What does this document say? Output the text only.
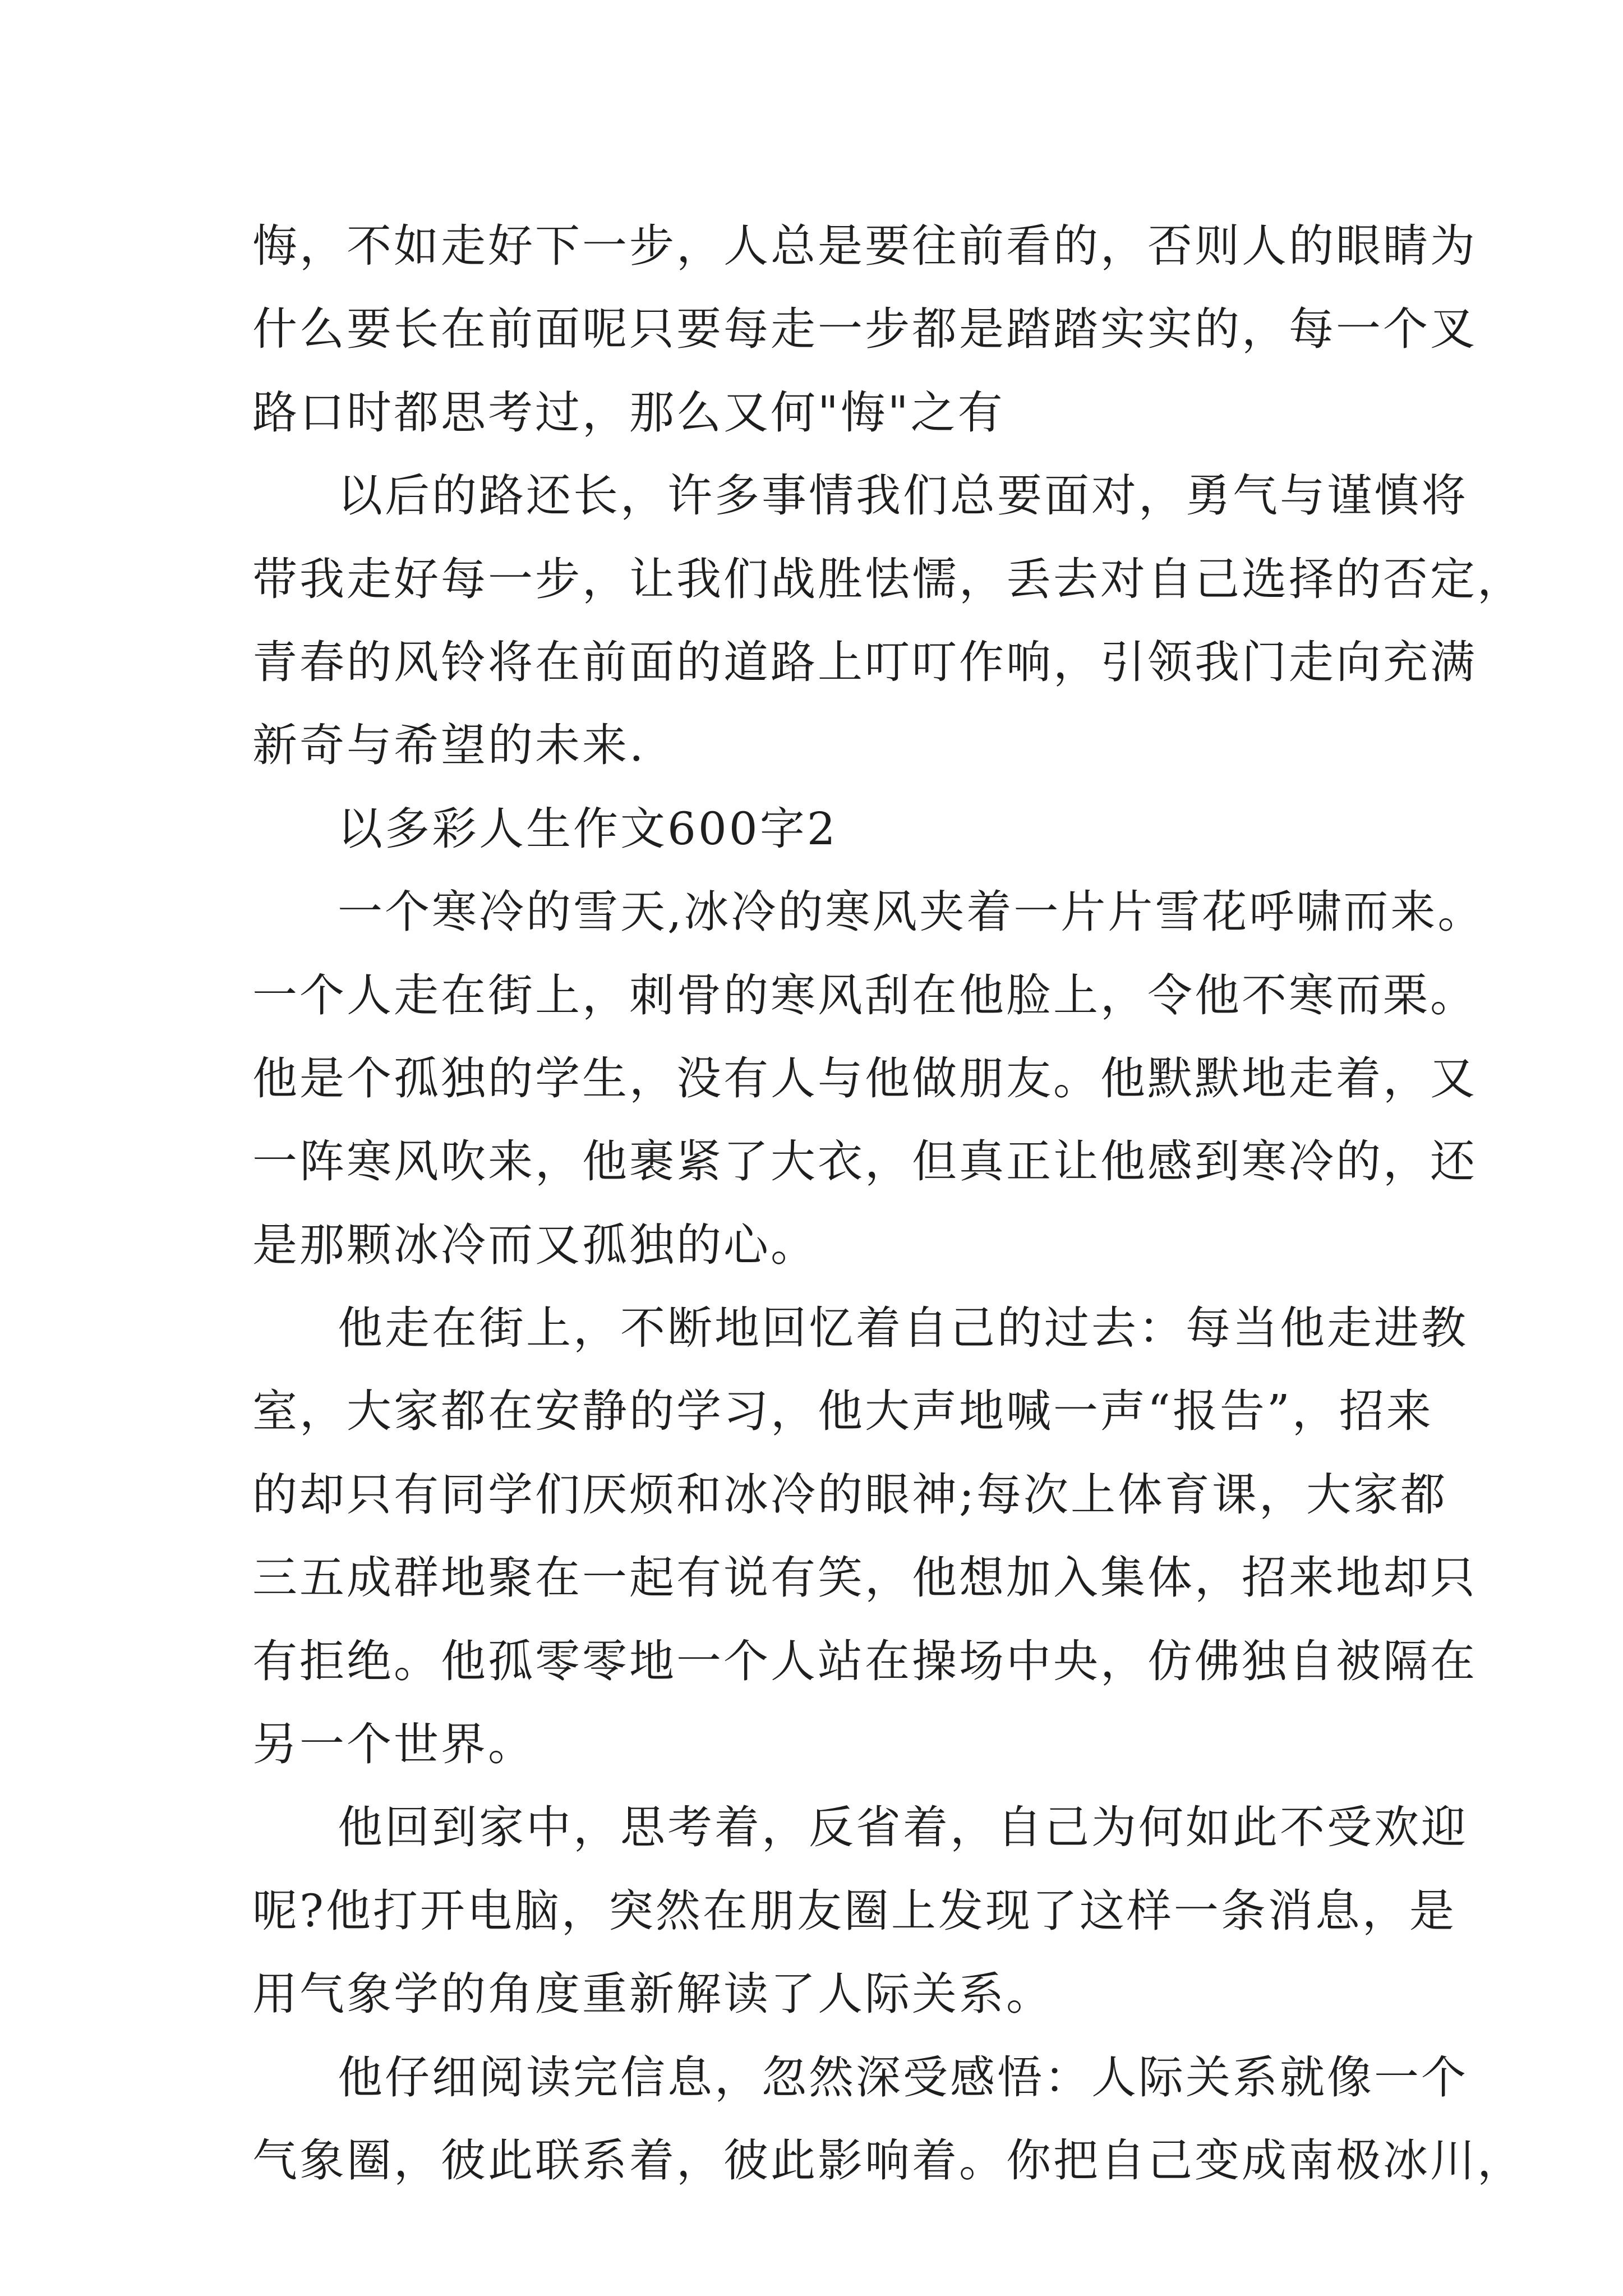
悔，不如走好下一步，人总是要往前看的，否则人的眼睛为
什么要长在前面呢只要每走一步都是踏踏实实的，每一个叉
路口时都思考过，那么又何"悔"之有
以后的路还长，许多事情我们总要面对，勇气与谨慎将
带我走好每一步，让我们战胜怯懦，丢去对自己选择的否定，
青春的风铃将在前面的道路上叮叮作响，引领我门走向充满
新奇与希望的未来.
以多彩人生作文600字2
一个寒冷的雪天,冰冷的寒风夹着一片片雪花呼啸而来。
一个人走在街上，刺骨的寒风刮在他脸上，令他不寒而栗。
他是个孤独的学生，没有人与他做朋友。他默默地走着，又
一阵寒风吹来，他裹紧了大衣，但真正让他感到寒冷的，还
是那颗冰冷而又孤独的心。
他走在街上，不断地回忆着自己的过去：每当他走进教
室，大家都在安静的学习，他大声地喊一声“报告”，招来
的却只有同学们厌烦和冰冷的眼神;每次上体育课，大家都
三五成群地聚在一起有说有笑，他想加入集体，招来地却只
有拒绝。他孤零零地一个人站在操场中央，仿佛独自被隔在
另一个世界。
他回到家中，思考着，反省着，自己为何如此不受欢迎
呢?他打开电脑，突然在朋友圈上发现了这样一条消息，是
用气象学的角度重新解读了人际关系。
他仔细阅读完信息，忽然深受感悟：人际关系就像一个
气象圈，彼此联系着，彼此影响着。你把自己变成南极冰川，
